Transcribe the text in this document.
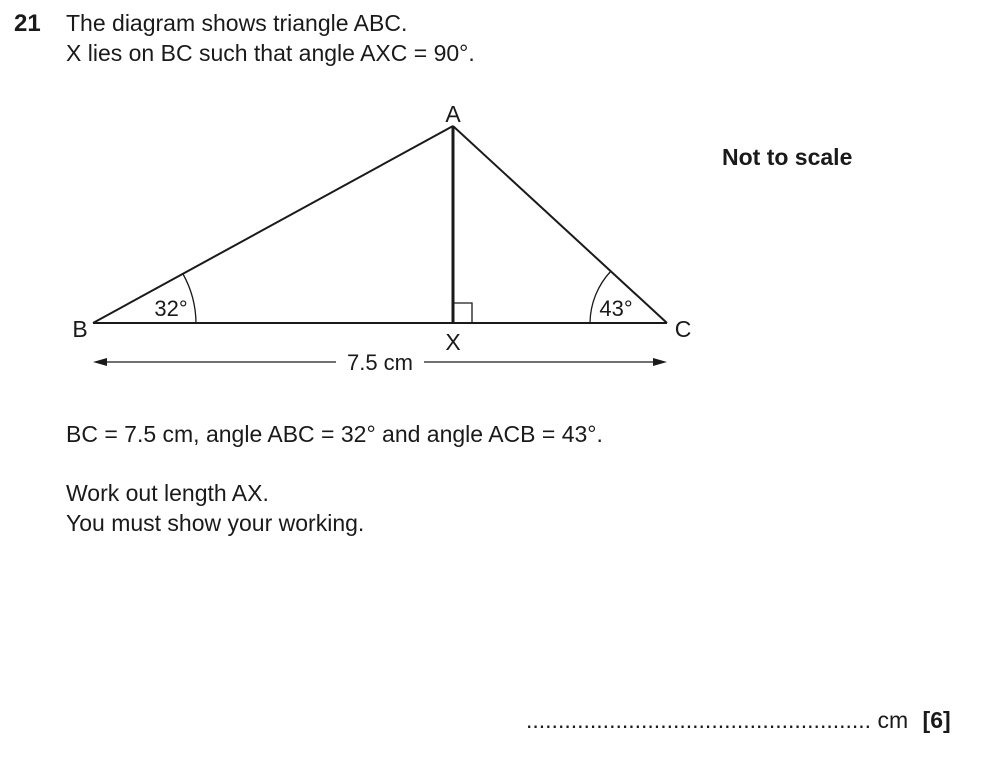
21 The diagram shows triangle ABC.
X lies on BC such that angle AXC = 90°.
Not to scale
A
B	C
X
32°	43°
7.5 cm
BC = 7.5 cm, angle ABC = 32° and angle ACB = 43°.
Work out length AX.
You must show your working.
...................................................... cm [6]
